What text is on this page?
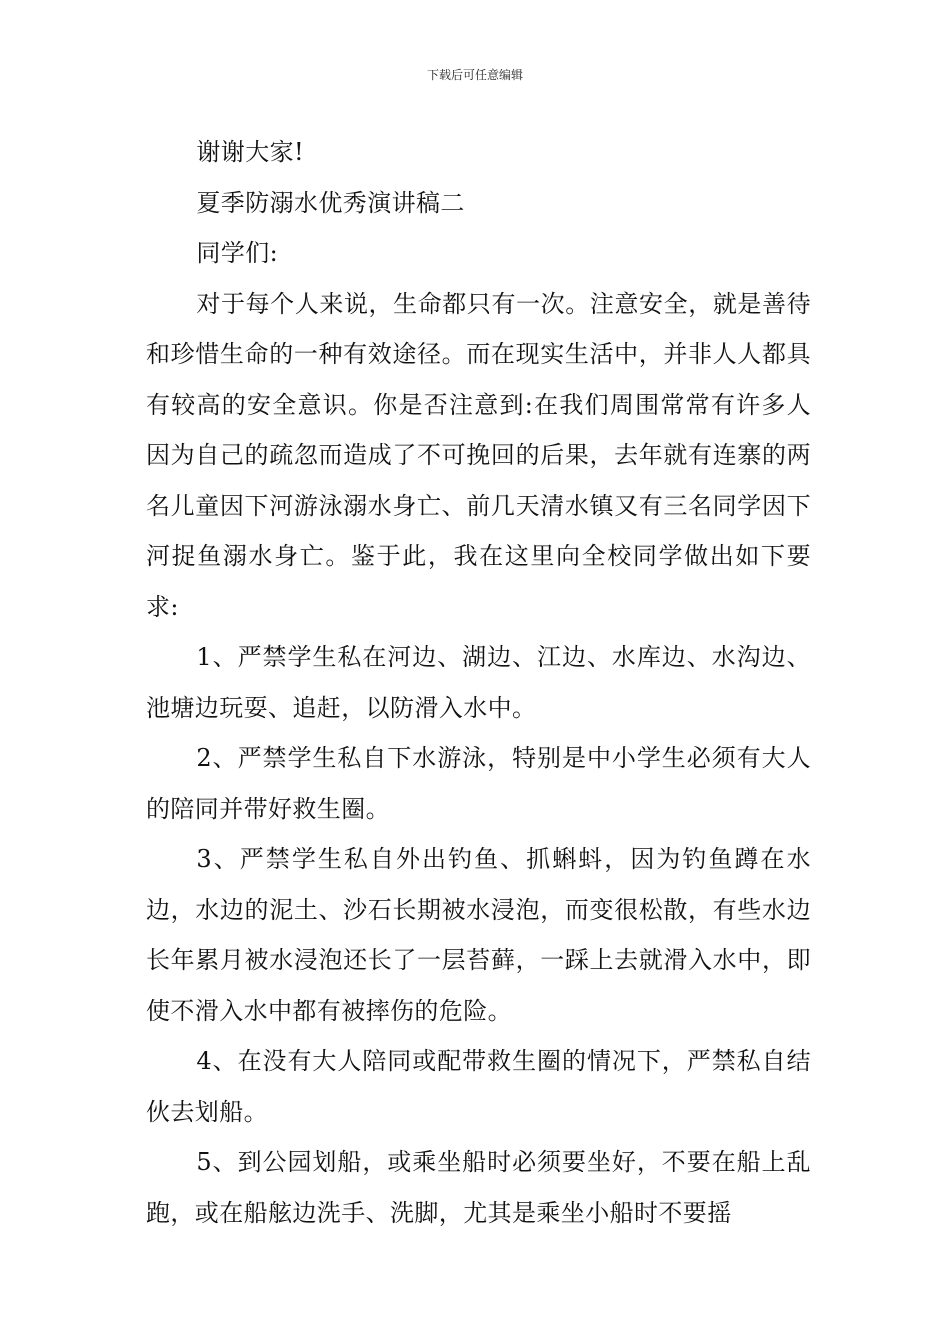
下载后可任意编辑

谢谢大家!

夏季防溺水优秀演讲稿二

同学们:

对于每个人来说，生命都只有一次。注意安全，就是善待和珍惜生命的一种有效途径。而在现实生活中，并非人人都具有较高的安全意识。你是否注意到:在我们周围常常有许多人因为自己的疏忽而造成了不可挽回的后果，去年就有连寨的两名儿童因下河游泳溺水身亡、前几天清水镇又有三名同学因下河捉鱼溺水身亡。鉴于此，我在这里向全校同学做出如下要求:

1、严禁学生私在河边、湖边、江边、水库边、水沟边、池塘边玩耍、追赶，以防滑入水中。

2、严禁学生私自下水游泳，特别是中小学生必须有大人的陪同并带好救生圈。

3、严禁学生私自外出钓鱼、抓蝌蚪，因为钓鱼蹲在水边，水边的泥土、沙石长期被水浸泡，而变很松散，有些水边长年累月被水浸泡还长了一层苔藓，一踩上去就滑入水中，即使不滑入水中都有被摔伤的危险。

4、在没有大人陪同或配带救生圈的情况下，严禁私自结伙去划船。

5、到公园划船，或乘坐船时必须要坐好，不要在船上乱跑，或在船舷边洗手、洗脚，尤其是乘坐小船时不要摇
